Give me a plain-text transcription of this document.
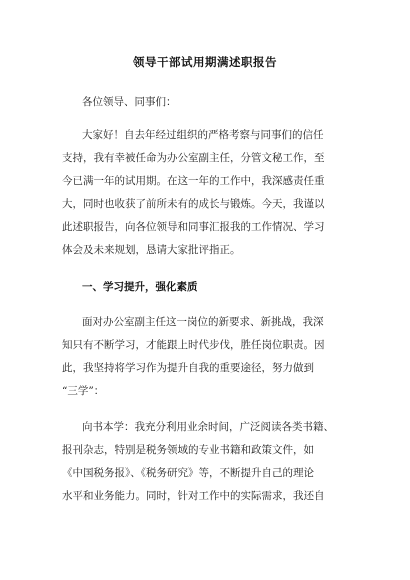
领导干部试用期满述职报告
各位领导、同事们：
大家好！自去年经过组织的严格考察与同事们的信任
支持，我有幸被任命为办公室副主任，分管文秘工作，至
今已满一年的试用期。在这一年的工作中，我深感责任重
大，同时也收获了前所未有的成长与锻炼。今天，我谨以
此述职报告，向各位领导和同事汇报我的工作情况、学习
体会及未来规划，恳请大家批评指正。
一、学习提升，强化素质
面对办公室副主任这一岗位的新要求、新挑战，我深
知只有不断学习，才能跟上时代步伐，胜任岗位职责。因
此，我坚持将学习作为提升自我的重要途径，努力做到
“三学”：
向书本学：我充分利用业余时间，广泛阅读各类书籍、
报刊杂志，特别是税务领域的专业书籍和政策文件，如
《中国税务报》、《税务研究》等，不断提升自己的理论
水平和业务能力。同时，针对工作中的实际需求，我还自
